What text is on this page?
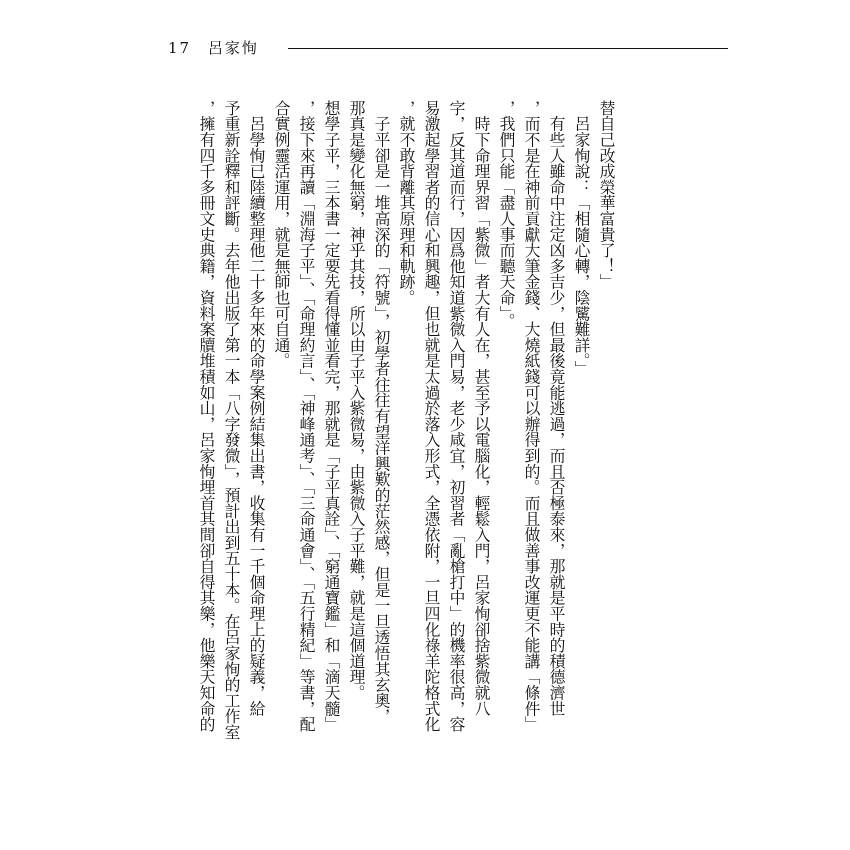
17 呂家恂
替自己改成榮華富貴了！」
　呂家恂說：「相隨心轉，陰騭難詳。」
　有些人雖命中注定凶多吉少，但最後竟能逃過，而且否極泰來，那就是平時的積德濟世
，而不是在神前貢獻大筆金錢、大燒紙錢可以辦得到的。而且做善事改運更不能講「條件」
，我們只能「盡人事而聽天命」。
　時下命理界習「紫微」者大有人在，甚至予以電腦化，輕鬆入門，呂家恂卻捨紫微就八
字，反其道而行，因爲他知道紫微入門易，老少咸宜，初習者「亂槍打中」的機率很高，容
易激起學習者的信心和興趣，但也就是太過於落入形式，全憑依附，一旦四化祿羊陀格式化
，就不敢背離其原理和軌跡。
　子平卻是一堆高深的「符號」，初學者往往有望洋興歎的茫然感，但是一旦透悟其玄奧，
那真是變化無窮，神乎其技，所以由子平入紫微易，由紫微入子平難，就是這個道理。
想學子平，三本書一定要先看得懂並看完，那就是「子平真詮」、「窮通寶鑑」和「滴天髓」
，接下來再讀「淵海子平」、「命理約言」、「神峰通考」、「三命通會」、「五行精紀」等書，配
合實例靈活運用，就是無師也可自通。
　呂學恂已陸續整理他二十多年來的命學案例結集出書，收集有一千個命理上的疑義，給
予重新詮釋和評斷。去年他出版了第一本「八字發微」，預計出到五十本。在呂家恂的工作室
，擁有四千多冊文史典籍，資料案牘堆積如山，呂家恂埋首其間卻自得其樂，他樂天知命的
